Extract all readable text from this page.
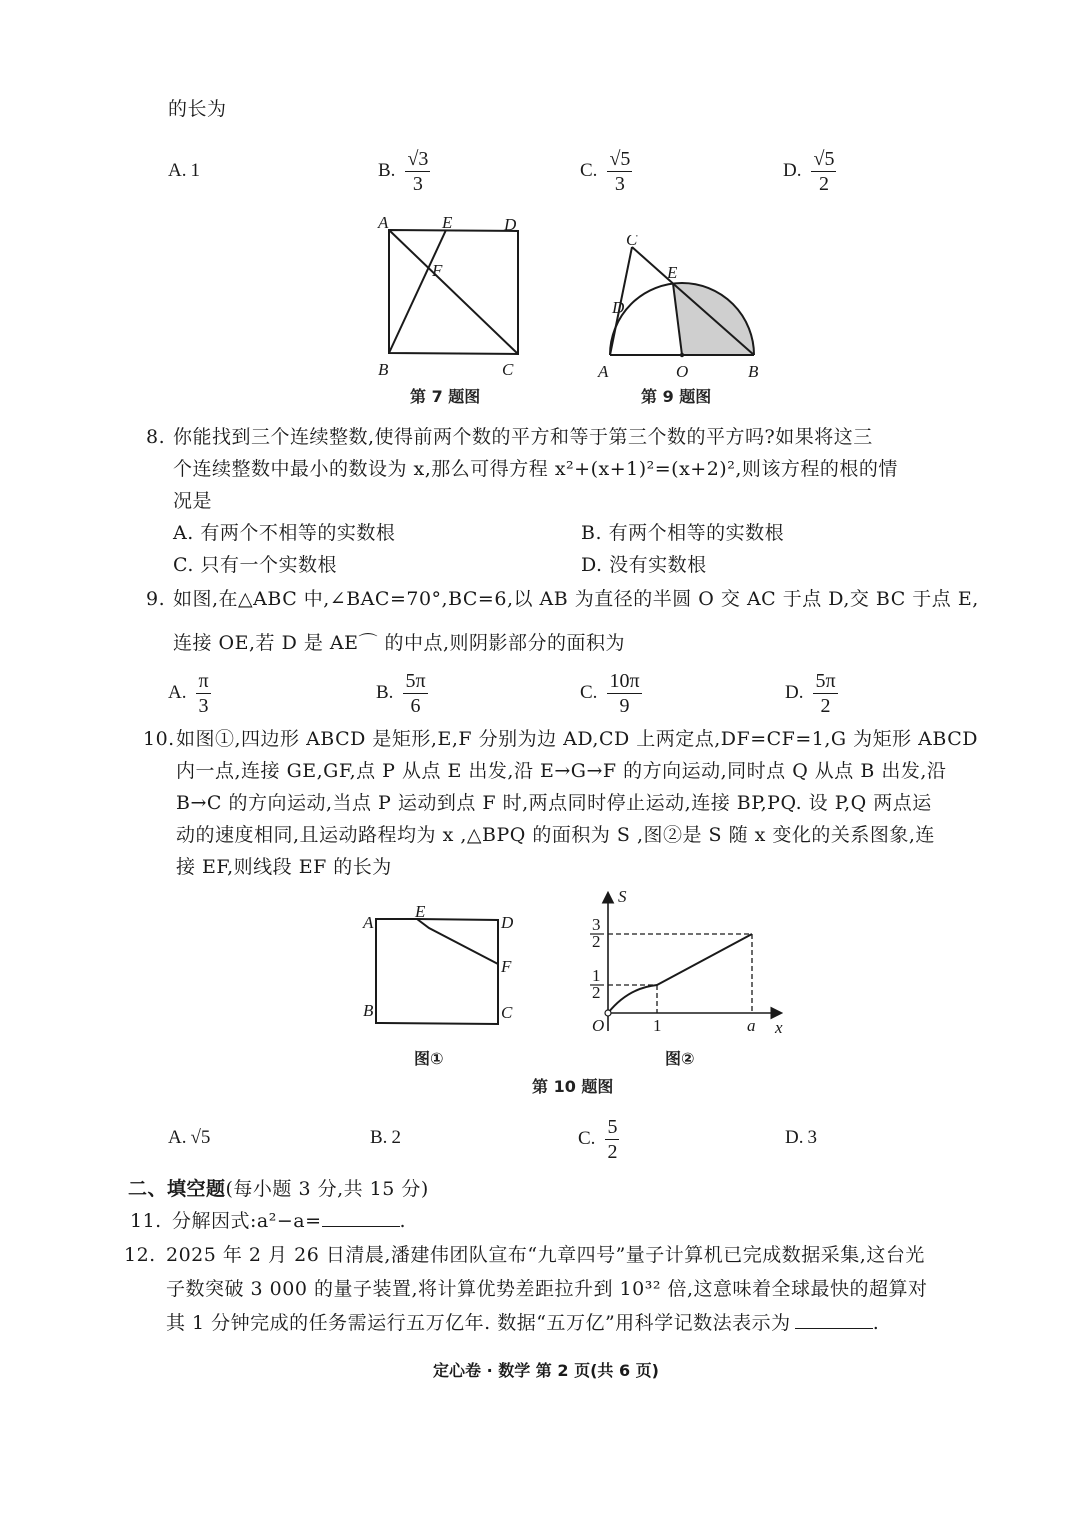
的长为
A. 1	B. $\frac{√3}{3}$	C. $\frac{√5}{3}$	D. $\frac{√5}{2}$
A	E	D
F
B	C
第 7 题图
C
E
D
A	O	B
第 9 题图
8. 你能找到三个连续整数,使得前两个数的平方和等于第三个数的平方吗?如果将这三
个连续整数中最小的数设为 x,那么可得方程 x²+(x+1)²=(x+2)²,则该方程的根的情
况是
A. 有两个不相等的实数根	B. 有两个相等的实数根
C. 只有一个实数根	D. 没有实数根
9. 如图,在△ABC 中,∠BAC=70°,BC=6,以 AB 为直径的半圆 O 交 AC 于点 D,交 BC 于点 E,
连接 OE,若 D 是 AE⌒ 的中点,则阴影部分的面积为
A. $\frac{\pi}{3}$	B. $\frac{5\pi}{6}$	C. $\frac{10\pi}{9}$	D. $\frac{5\pi}{2}$
10. 如图①,四边形 ABCD 是矩形,E,F 分别为边 AD,CD 上两定点,DF=CF=1,G 为矩形 ABCD
内一点,连接 GE,GF,点 P 从点 E 出发,沿 E→G→F 的方向运动,同时点 Q 从点 B 出发,沿
B→C 的方向运动,当点 P 运动到点 F 时,两点同时停止运动,连接 BP,PQ. 设 P,Q 两点运
动的速度相同,且运动路程均为 x ,△BPQ 的面积为 S ,图②是 S 随 x 变化的关系图象,连
接 EF,则线段 EF 的长为
A
E
D
F
B	C
图①
S
x
O	1	a
3
2
1
2
图②
第 10 题图
A. √5	B. 2	C. $\frac{5}{2}$	D. 3
二、填空题(每小题 3 分,共 15 分)
11. 分解因式:a²−a=	.
12. 2025 年 2 月 26 日清晨,潘建伟团队宣布“九章四号”量子计算机已完成数据采集,这台光
子数突破 3 000 的量子装置,将计算优势差距拉升到 10³² 倍,这意味着全球最快的超算对
其 1 分钟完成的任务需运行五万亿年. 数据“五万亿”用科学记数法表示为	.
定心卷 · 数学 第 2 页(共 6 页)
